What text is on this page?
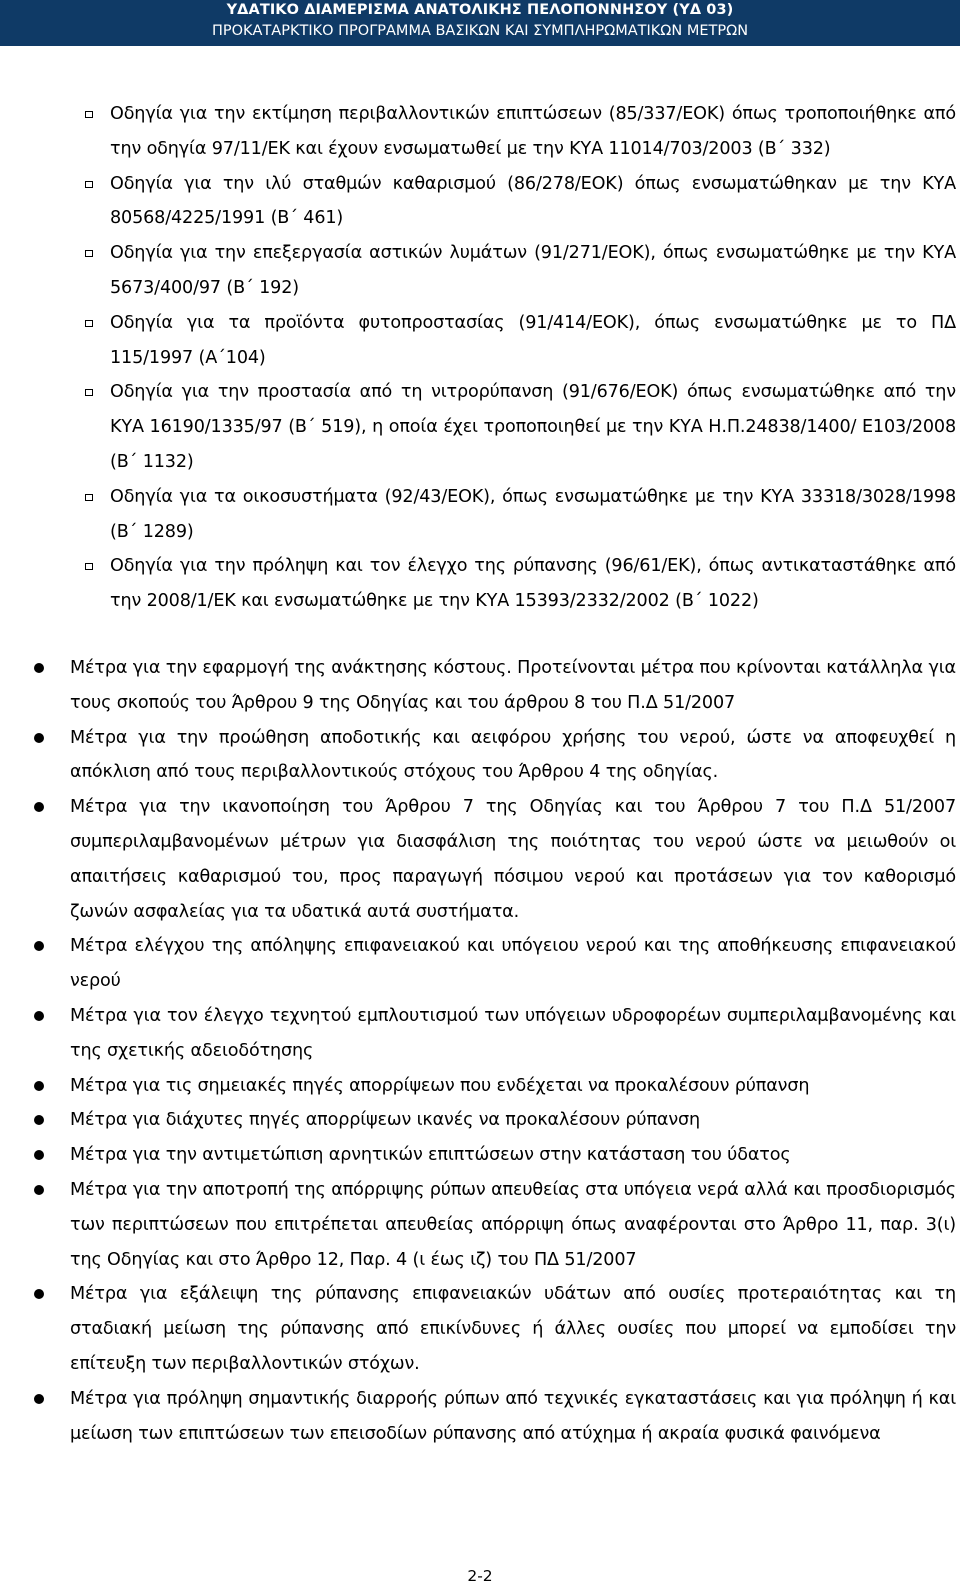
ΥΔΑΤΙΚΟ ΔΙΑΜΕΡΙΣΜΑ ΑΝΑΤΟΛΙΚΗΣ ΠΕΛΟΠΟΝΝΗΣΟΥ (ΥΔ 03)
ΠΡΟΚΑΤΑΡΚΤΙΚΟ ΠΡΟΓΡΑΜΜΑ ΒΑΣΙΚΩΝ ΚΑΙ ΣΥΜΠΛΗΡΩΜΑΤΙΚΩΝ ΜΕΤΡΩΝ
Οδηγία για την εκτίμηση περιβαλλοντικών επιπτώσεων (85/337/ΕΟΚ) όπως τροποποιήθηκε από την οδηγία 97/11/ΕΚ και έχουν ενσωματωθεί με την ΚΥΑ 11014/703/2003 (Β΄ 332)
Οδηγία για την ιλύ σταθμών καθαρισμού (86/278/ΕΟΚ) όπως ενσωματώθηκαν με την ΚΥΑ 80568/4225/1991 (Β΄ 461)
Οδηγία για την επεξεργασία αστικών λυμάτων (91/271/ΕΟΚ), όπως ενσωματώθηκε με την ΚΥΑ 5673/400/97 (Β΄ 192)
Οδηγία για τα προϊόντα φυτοπροστασίας (91/414/ΕΟΚ), όπως ενσωματώθηκε με το ΠΔ 115/1997 (Α΄104)
Οδηγία για την προστασία από τη νιτρορύπανση (91/676/ΕΟΚ) όπως ενσωματώθηκε από την ΚΥΑ 16190/1335/97 (Β΄ 519), η οποία έχει τροποποιηθεί με την ΚΥΑ Η.Π.24838/1400/ Ε103/2008 (Β΄ 1132)
Οδηγία για τα οικοσυστήματα (92/43/ΕΟΚ), όπως ενσωματώθηκε με την ΚΥΑ 33318/3028/1998 (Β΄ 1289)
Οδηγία για την πρόληψη και τον έλεγχο της ρύπανσης (96/61/ΕΚ), όπως αντικαταστάθηκε από την 2008/1/ΕΚ και ενσωματώθηκε με την ΚΥΑ 15393/2332/2002 (Β΄ 1022)
Μέτρα για την εφαρμογή της ανάκτησης κόστους. Προτείνονται μέτρα που κρίνονται κατάλληλα για τους σκοπούς του Άρθρου 9 της Οδηγίας και του άρθρου 8 του Π.Δ 51/2007
Μέτρα για την προώθηση αποδοτικής και αειφόρου χρήσης του νερού, ώστε να αποφευχθεί η απόκλιση από τους περιβαλλοντικούς στόχους του Άρθρου 4 της οδηγίας.
Μέτρα για την ικανοποίηση του Άρθρου 7 της Οδηγίας και του Άρθρου 7 του Π.Δ 51/2007 συμπεριλαμβανομένων μέτρων για διασφάλιση της ποιότητας του νερού ώστε να μειωθούν οι απαιτήσεις καθαρισμού του, προς παραγωγή πόσιμου νερού και προτάσεων για τον καθορισμό ζωνών ασφαλείας για τα υδατικά αυτά συστήματα.
Μέτρα ελέγχου της απόληψης επιφανειακού και υπόγειου νερού και της αποθήκευσης επιφανειακού νερού
Μέτρα για τον έλεγχο τεχνητού εμπλουτισμού των υπόγειων υδροφορέων συμπεριλαμβανομένης και της σχετικής αδειοδότησης
Μέτρα για τις σημειακές πηγές απορρίψεων που ενδέχεται να προκαλέσουν ρύπανση
Μέτρα για διάχυτες πηγές απορρίψεων ικανές να προκαλέσουν ρύπανση
Μέτρα για την αντιμετώπιση αρνητικών επιπτώσεων στην κατάσταση του ύδατος
Μέτρα για την αποτροπή της απόρριψης ρύπων απευθείας στα υπόγεια νερά αλλά και προσδιορισμός των περιπτώσεων που επιτρέπεται απευθείας απόρριψη όπως αναφέρονται στο Άρθρο 11, παρ. 3(ι) της Οδηγίας και στο Άρθρο 12, Παρ. 4 (ι έως ιζ) του ΠΔ 51/2007
Μέτρα για εξάλειψη της ρύπανσης επιφανειακών υδάτων από ουσίες προτεραιότητας και τη σταδιακή μείωση της ρύπανσης από επικίνδυνες ή άλλες ουσίες που μπορεί να εμποδίσει την επίτευξη των περιβαλλοντικών στόχων.
Μέτρα για πρόληψη σημαντικής διαρροής ρύπων από τεχνικές εγκαταστάσεις και για πρόληψη ή και μείωση των επιπτώσεων των επεισοδίων ρύπανσης από ατύχημα ή ακραία φυσικά φαινόμενα
2-2
